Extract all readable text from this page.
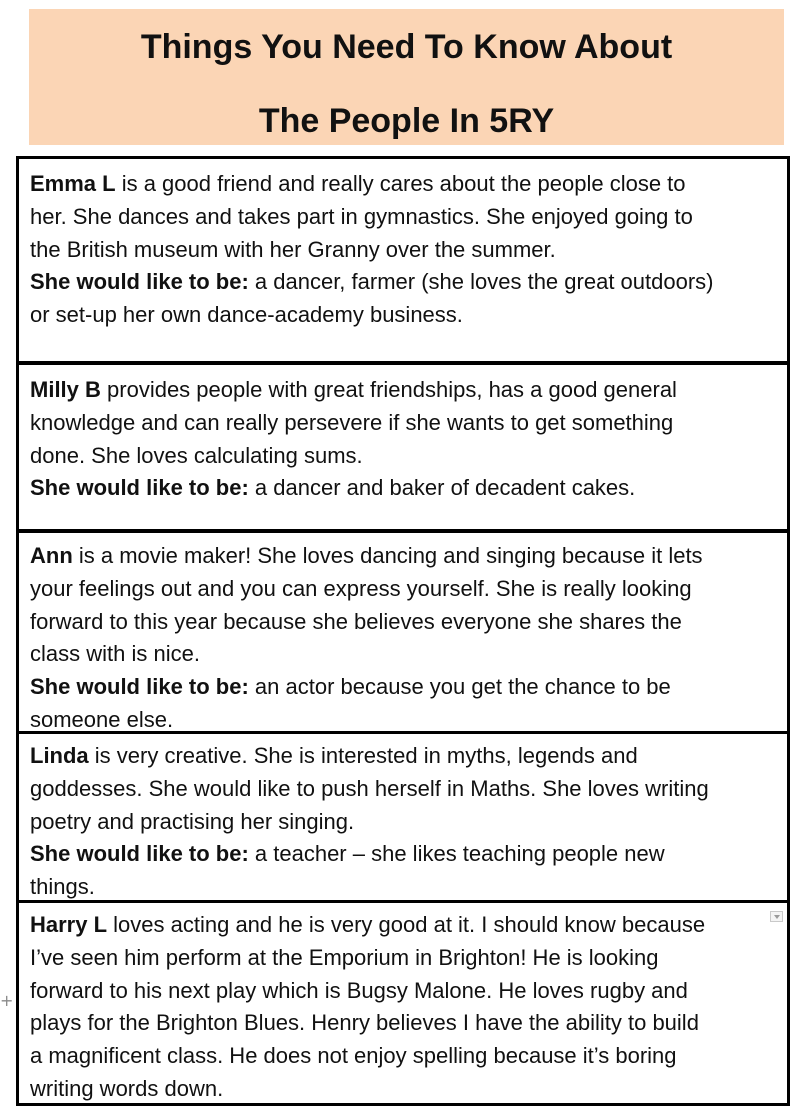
Things You Need To Know About
The People In 5RY
Emma L is a good friend and really cares about the people close to
her. She dances and takes part in gymnastics. She enjoyed going to
the British museum with her Granny over the summer.
She would like to be: a dancer, farmer (she loves the great outdoors)
or set-up her own dance-academy business.
Milly B provides people with great friendships, has a good general
knowledge and can really persevere if she wants to get something
done. She loves calculating sums.
She would like to be: a dancer and baker of decadent cakes.
Ann is a movie maker! She loves dancing and singing because it lets
your feelings out and you can express yourself. She is really looking
forward to this year because she believes everyone she shares the
class with is nice.
She would like to be: an actor because you get the chance to be
someone else.
Linda is very creative. She is interested in myths, legends and
goddesses. She would like to push herself in Maths. She loves writing
poetry and practising her singing.
She would like to be: a teacher – she likes teaching people new
things.
Harry L loves acting and he is very good at it. I should know because
I’ve seen him perform at the Emporium in Brighton! He is looking
forward to his next play which is Bugsy Malone. He loves rugby and
plays for the Brighton Blues. Henry believes I have the ability to build
a magnificent class. He does not enjoy spelling because it’s boring
writing words down.
+
